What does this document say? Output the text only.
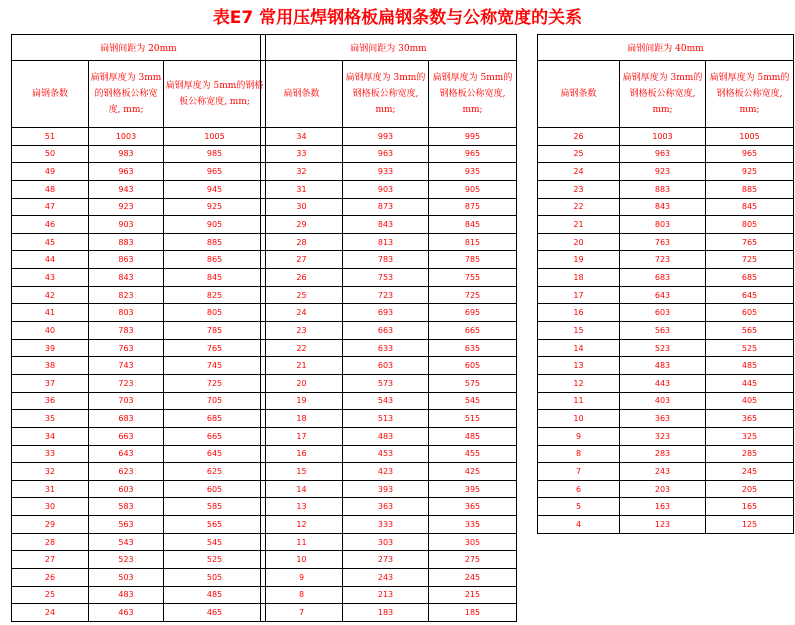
表E7 常用压焊钢格板扁钢条数与公称宽度的关系
扁钢间距为 20mm		
扁钢条数	扁钢厚度为 3mm的钢格板公称宽度, mm;	扁钢厚度为 5mm的钢格板公称宽度, mm;
51	1003	1005
50	983	985
49	963	965
48	943	945
47	923	925
46	903	905
45	883	885
44	863	865
43	843	845
42	823	825
41	803	805
40	783	785
39	763	765
38	743	745
37	723	725
36	703	705
35	683	685
34	663	665
33	643	645
32	623	625
31	603	605
30	583	585
29	563	565
28	543	545
27	523	525
26	503	505
25	483	485
24	463	465
扁钢间距为 30mm		
扁钢条数	扁钢厚度为 3mm的钢格板公称宽度, mm;	扁钢厚度为 5mm的钢格板公称宽度, mm;
34	993	995
33	963	965
32	933	935
31	903	905
30	873	875
29	843	845
28	813	815
27	783	785
26	753	755
25	723	725
24	693	695
23	663	665
22	633	635
21	603	605
20	573	575
19	543	545
18	513	515
17	483	485
16	453	455
15	423	425
14	393	395
13	363	365
12	333	335
11	303	305
10	273	275
9	243	245
8	213	215
7	183	185
扁钢间距为 40mm		
扁钢条数	扁钢厚度为 3mm的钢格板公称宽度, mm;	扁钢厚度为 5mm的钢格板公称宽度, mm;
26	1003	1005
25	963	965
24	923	925
23	883	885
22	843	845
21	803	805
20	763	765
19	723	725
18	683	685
17	643	645
16	603	605
15	563	565
14	523	525
13	483	485
12	443	445
11	403	405
10	363	365
9	323	325
8	283	285
7	243	245
6	203	205
5	163	165
4	123	125
